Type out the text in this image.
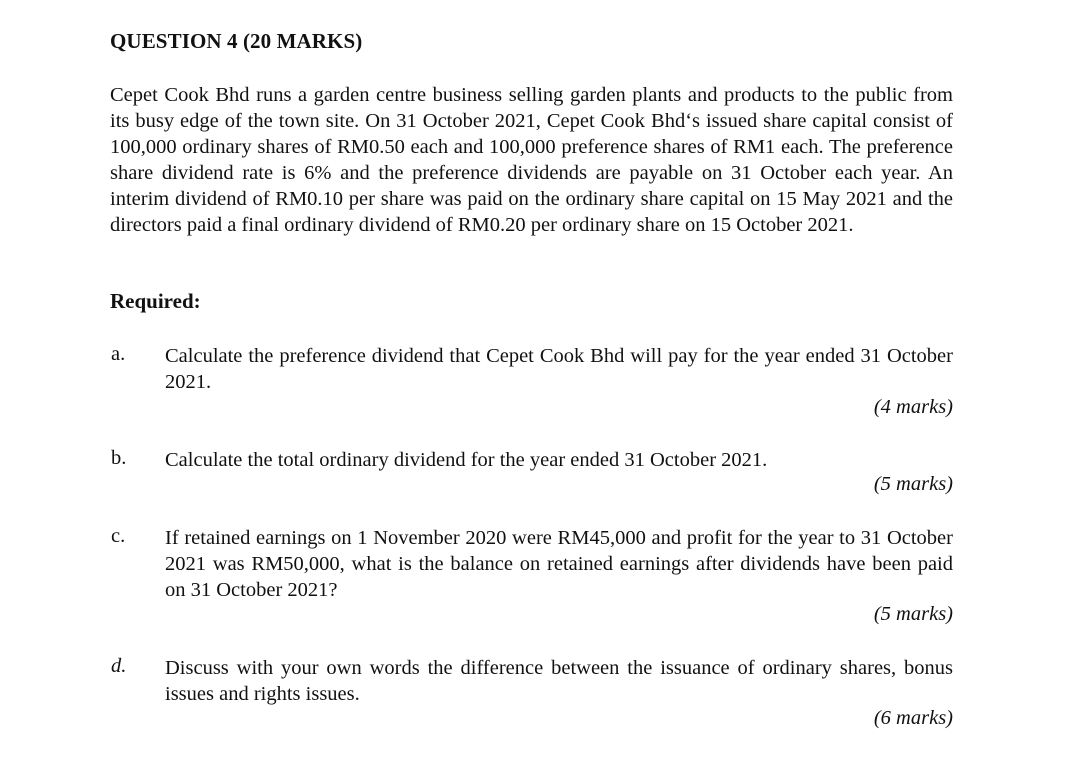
QUESTION 4 (20 MARKS)
Cepet Cook Bhd runs a garden centre business selling garden plants and products to the public from its busy edge of the town site. On 31 October 2021, Cepet Cook Bhd‘s issued share capital consist of 100,000 ordinary shares of RM0.50 each and 100,000 preference shares of RM1 each. The preference share dividend rate is 6% and the preference dividends are payable on 31 October each year. An interim dividend of RM0.10 per share was paid on the ordinary share capital on 15 May 2021 and the directors paid a final ordinary dividend of RM0.20 per ordinary share on 15 October 2021.
Required:
a. Calculate the preference dividend that Cepet Cook Bhd will pay for the year ended 31 October 2021.
(4 marks)
b. Calculate the total ordinary dividend for the year ended 31 October 2021.
(5 marks)
c. If retained earnings on 1 November 2020 were RM45,000 and profit for the year to 31 October 2021 was RM50,000, what is the balance on retained earnings after dividends have been paid on 31 October 2021?
(5 marks)
d. Discuss with your own words the difference between the issuance of ordinary shares, bonus issues and rights issues.
(6 marks)
